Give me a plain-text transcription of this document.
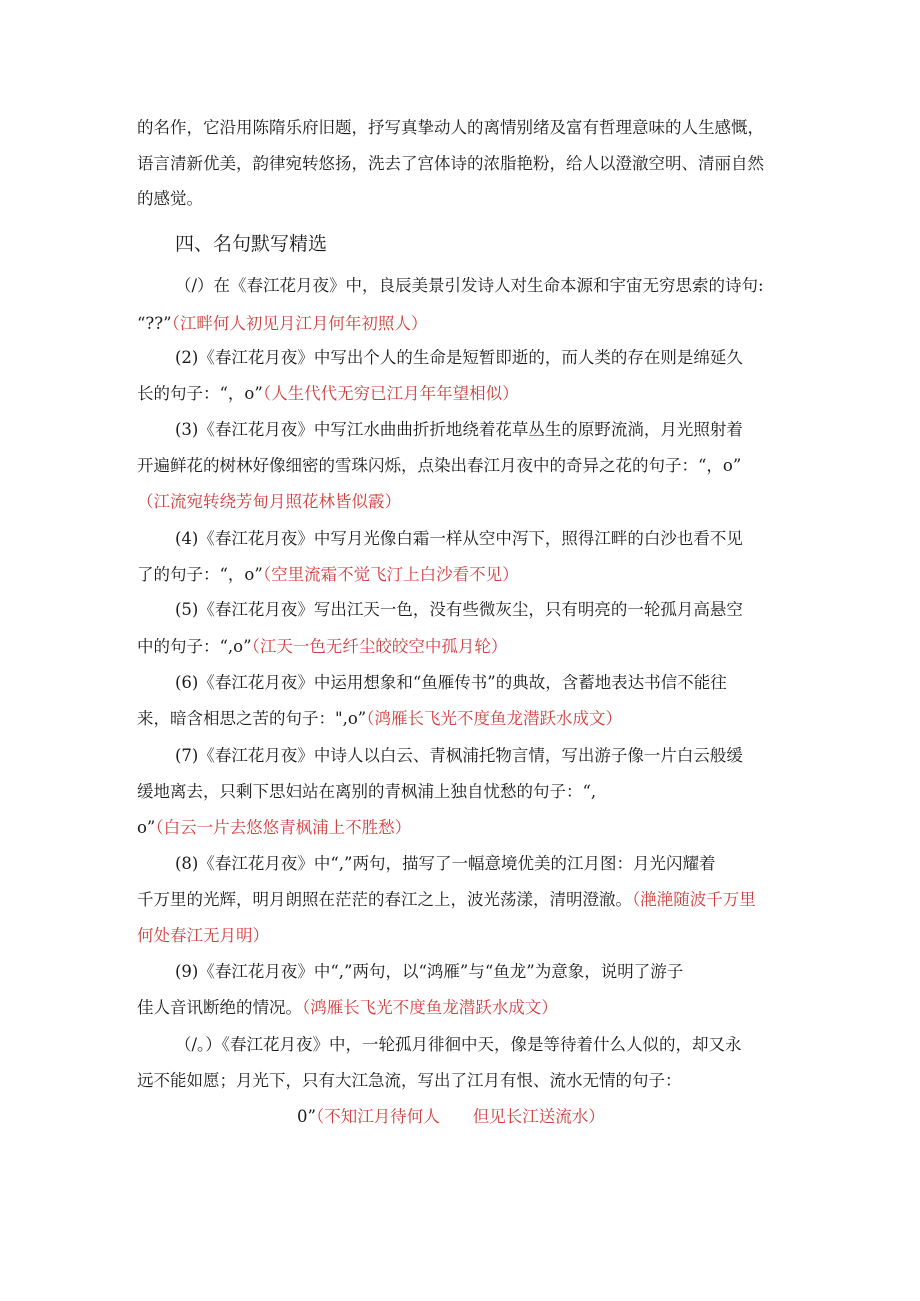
的名作，它沿用陈隋乐府旧题，抒写真挚动人的离情别绪及富有哲理意味的人生感慨，

语言清新优美，韵律宛转悠扬，洗去了宫体诗的浓脂艳粉，给人以澄澈空明、清丽自然

的感觉。

四、名句默写精选

（/）在《春江花月夜》中，良辰美景引发诗人对生命本源和宇宙无穷思索的诗句:

“??”（江畔何人初见月江月何年初照人）

(2)《春江花月夜》中写出个人的生命是短暂即逝的，而人类的存在则是绵延久

长的句子：“，o”（人生代代无穷已江月年年望相似）

(3)《春江花月夜》中写江水曲曲折折地绕着花草丛生的原野流淌，月光照射着

开遍鲜花的树林好像细密的雪珠闪烁，点染出春江月夜中的奇异之花的句子：“，o”

（江流宛转绕芳甸月照花林皆似霰）

(4)《春江花月夜》中写月光像白霜一样从空中泻下，照得江畔的白沙也看不见

了的句子：“，o”（空里流霜不觉飞汀上白沙看不见）

(5)《春江花月夜》写出江天一色，没有些微灰尘，只有明亮的一轮孤月高悬空

中的句子：“,o”（江天一色无纤尘皎皎空中孤月轮）

(6)《春江花月夜》中运用想象和“鱼雁传书”的典故，含蓄地表达书信不能往

来，暗含相思之苦的句子：",o”（鸿雁长飞光不度鱼龙潜跃水成文）

(7)《春江花月夜》中诗人以白云、青枫浦托物言情，写出游子像一片白云般缓

缓地离去，只剩下思妇站在离别的青枫浦上独自忧愁的句子：“,

o”（白云一片去悠悠青枫浦上不胜愁）

(8)《春江花月夜》中“,”两句，描写了一幅意境优美的江月图：月光闪耀着

千万里的光辉，明月朗照在茫茫的春江之上，波光荡漾，清明澄澈。（滟滟随波千万里

何处春江无月明）

(9)《春江花月夜》中“,”两句，以“鸿雁”与“鱼龙”为意象，说明了游子

佳人音讯断绝的情况。（鸿雁长飞光不度鱼龙潜跃水成文）

（/。）《春江花月夜》中，一轮孤月徘徊中天，像是等待着什么人似的，却又永

远不能如愿；月光下，只有大江急流，写出了江月有恨、流水无情的句子：

0”（不知江月待何人　　但见长江送流水）
